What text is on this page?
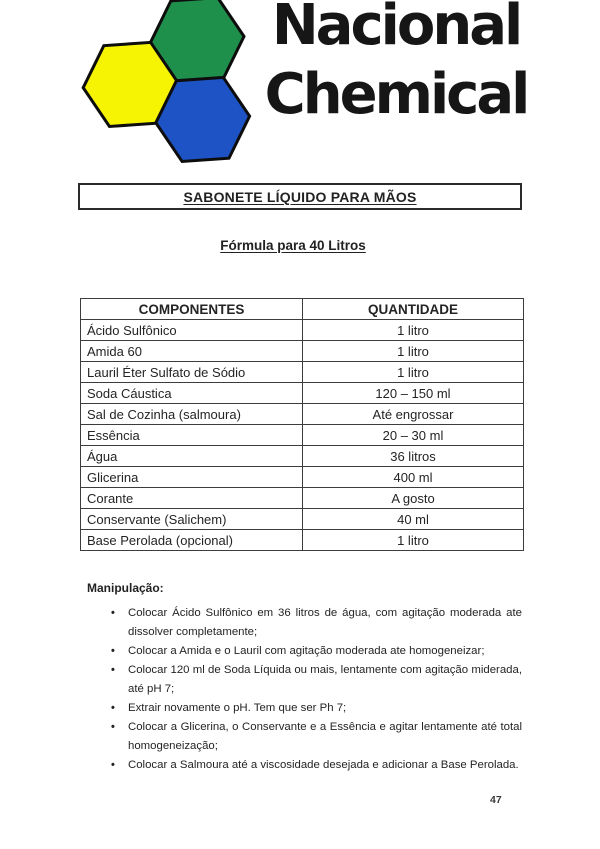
Nacional
Chemical
SABONETE LÍQUIDO PARA MÃOS
Fórmula para 40 Litros
COMPONENTES	QUANTIDADE
Ácido Sulfônico	1 litro
Amida 60	1 litro
Lauril Éter Sulfato de Sódio	1 litro
Soda Cáustica	120 – 150 ml
Sal de Cozinha (salmoura)	Até engrossar
Essência	20 – 30 ml
Água	36 litros
Glicerina	400 ml
Corante	A gosto
Conservante (Salichem)	40 ml
Base Perolada (opcional)	1 litro
Manipulação:
• Colocar Ácido Sulfônico em 36 litros de água, com agitação moderada ate dissolver completamente;
• Colocar a Amida e o Lauril com agitação moderada ate homogeneizar;
• Colocar 120 ml de Soda Líquida ou mais, lentamente com agitação miderada, até pH 7;
• Extrair novamente o pH. Tem que ser Ph 7;
• Colocar a Glicerina, o Conservante e a Essência e agitar lentamente até total homogeneização;
• Colocar a Salmoura até a viscosidade desejada e adicionar a Base Perolada.
47
